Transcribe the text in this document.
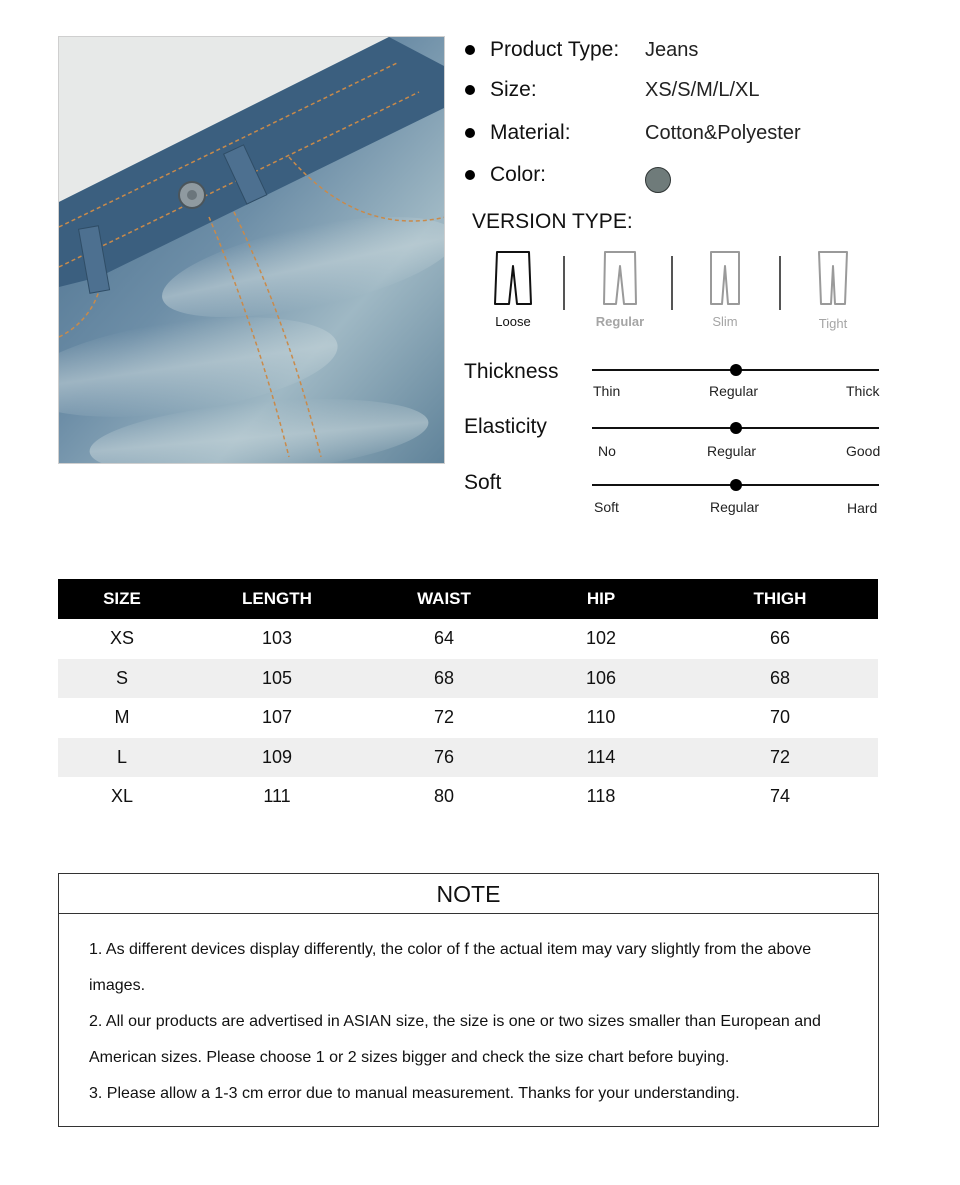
Product Type: Jeans
Size:	XS/S/M/L/XL
Material:	Cotton&Polyester
Color:
VERSION TYPE:
Loose	Regular	Slim	Tight
Thickness
Thin	Regular	Thick
Elasticity
No	Regular	Good
Soft
Soft	Regular	Hard
SIZE	LENGTH	WAIST	HIP	THIGH
XS	103	64	102	66
S	105	68	106	68
M	107	72	110	70
L	109	76	114	72
XL	111	80	118	74
NOTE

1. As different devices display differently, the color of f the actual item may vary slightly from the above images.

2. All our products are advertised in ASIAN size, the size is one or two sizes smaller than European and American sizes. Please choose 1 or 2 sizes bigger and check the size chart before buying.

3. Please allow a 1-3 cm error due to manual measurement. Thanks for your understanding.
